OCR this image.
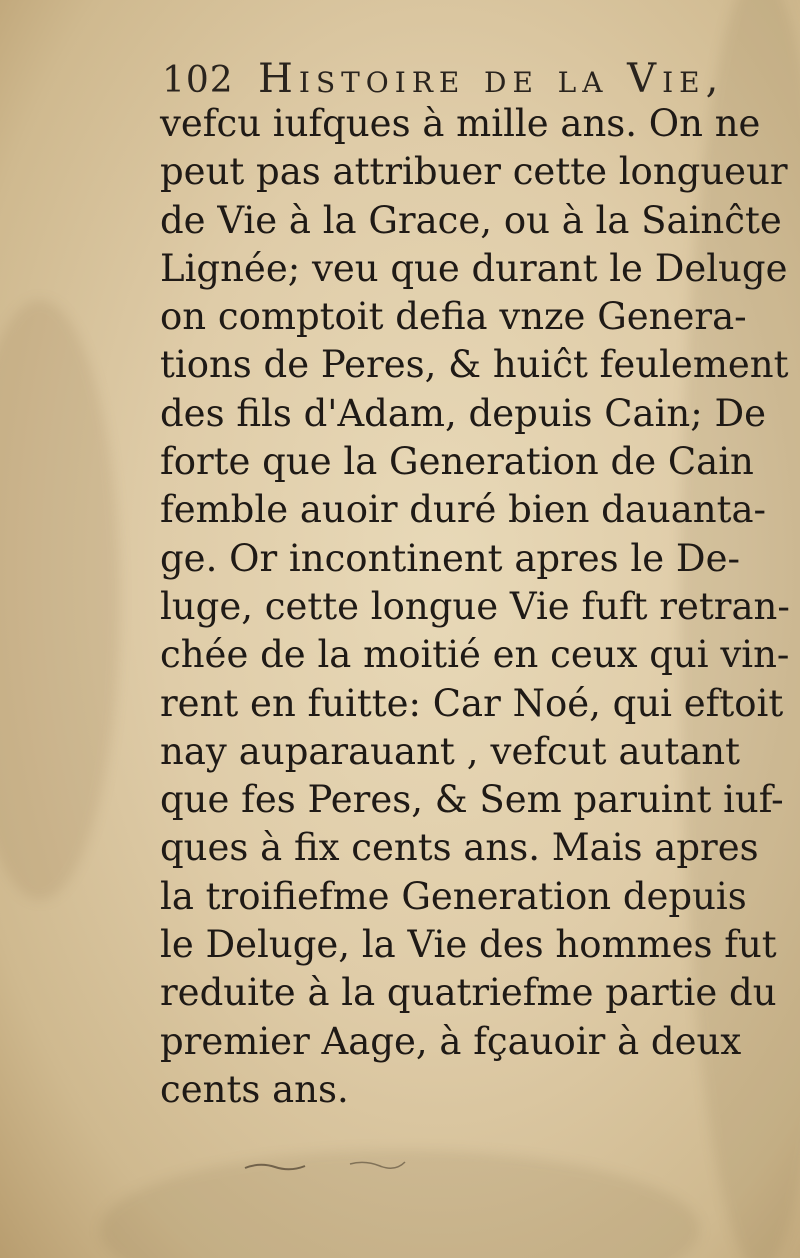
102 Histoire de la Vie,
vefcu iufques à mille ans. On ne
peut pas attribuer cette longueur
de Vie à la Grace, ou à la Sainĉte
Lignée; veu que durant le Deluge
on comptoit defia vnze Genera-
tions de Peres, & huiĉt feulement
des fils d'Adam, depuis Cain; De
forte que la Generation de Cain
femble auoir duré bien dauanta-
ge. Or incontinent apres le De-
luge, cette longue Vie fuft retran-
chée de la moitié en ceux qui vin-
rent en fuitte: Car Noé, qui eftoit
nay auparauant , vefcut autant
que fes Peres, & Sem paruint iuf-
ques à fix cents ans. Mais apres
la troifiefme Generation depuis
le Deluge, la Vie des hommes fut
reduite à la quatriefme partie du
premier Aage, à fçauoir à deux
cents ans.
